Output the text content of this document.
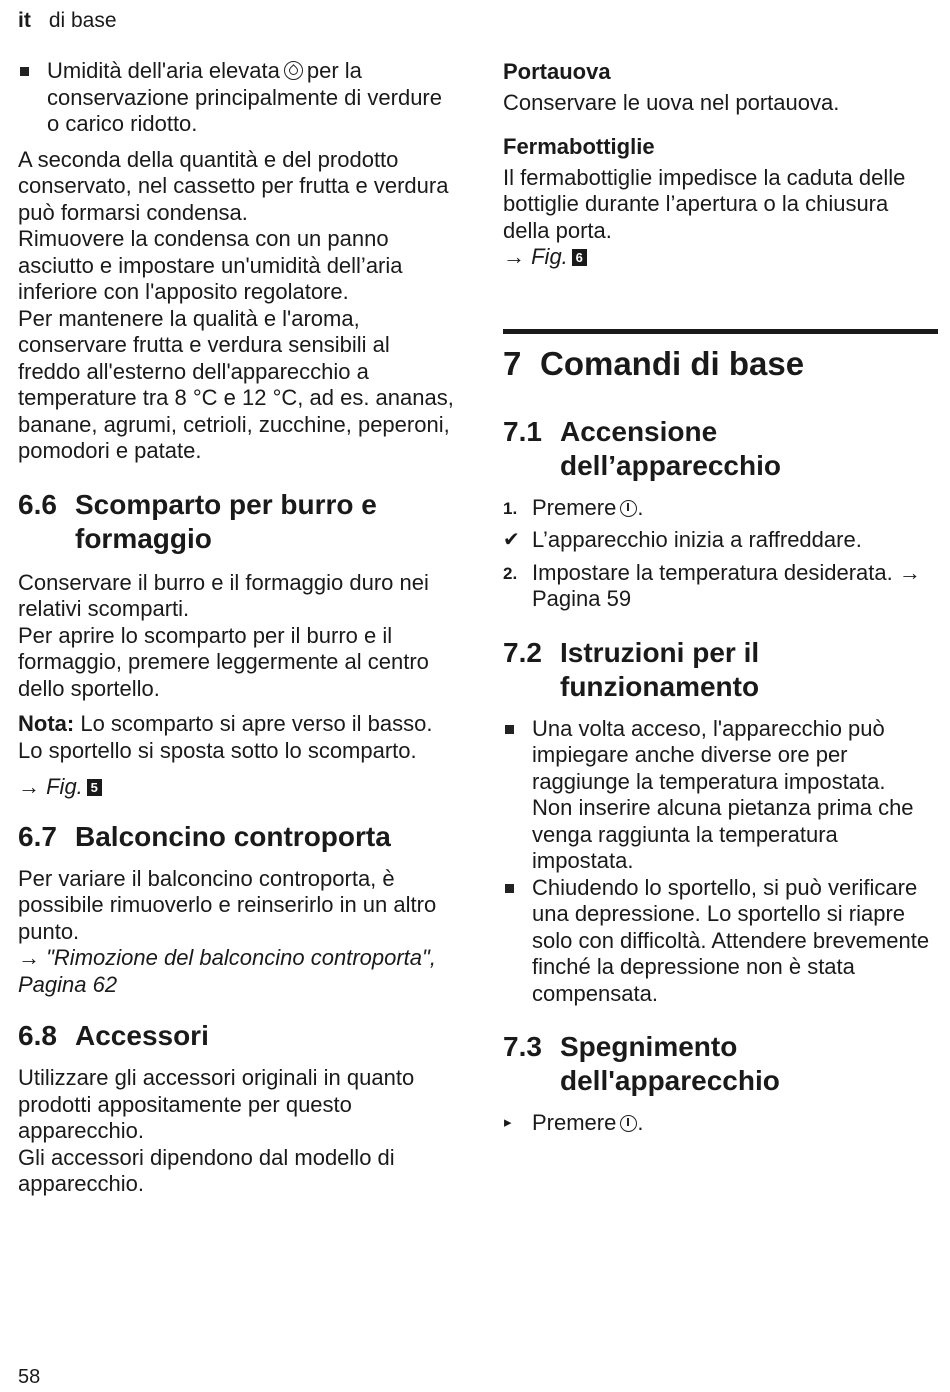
it di base
Umidità dell'aria elevata per la conservazione principalmente di verdure o carico ridotto.

A seconda della quantità e del prodotto conservato, nel cassetto per frutta e verdura può formarsi condensa.

Rimuovere la condensa con un panno asciutto e impostare un'umidità dell’aria inferiore con l'apposito regolatore.

Per mantenere la qualità e l'aroma, conservare frutta e verdura sensibili al freddo all'esterno dell'apparecchio a temperature tra 8 °C e 12 °C, ad es. ananas, banane, agrumi, cetrioli, zucchine, peperoni, pomodori e patate.

6.6 Scomparto per burro e formaggio

Conservare il burro e il formaggio duro nei relativi scomparti.

Per aprire lo scomparto per il burro e il formaggio, premere leggermente al centro dello sportello.

Nota: Lo scomparto si apre verso il basso. Lo sportello si sposta sotto lo scomparto.

→ Fig. 5

6.7 Balconcino controporta

Per variare il balconcino controporta, è possibile rimuoverlo e reinserirlo in un altro punto.

→ "Rimozione del balconcino controporta", Pagina 62

6.8 Accessori

Utilizzare gli accessori originali in quanto prodotti appositamente per questo apparecchio.

Gli accessori dipendono dal modello di apparecchio.

Portauova

Conservare le uova nel portauova.

Fermabottiglie

Il fermabottiglie impedisce la caduta delle bottiglie durante l’apertura o la chiusura della porta.

→ Fig. 6

7 Comandi di base
7.1 Accensione dell’apparecchio
1. Premere .
✔ L’apparecchio inizia a raffreddare.
2. Impostare la temperatura desiderata. → Pagina 59
7.2 Istruzioni per il funzionamento
Una volta acceso, l'apparecchio può impiegare anche diverse ore per raggiunge la temperatura impostata.
Non inserire alcuna pietanza prima che venga raggiunta la temperatura impostata.
Chiudendo lo sportello, si può verificare una depressione. Lo sportello si riapre solo con difficoltà. Attendere brevemente finché la depressione non è stata compensata.
7.3 Spegnimento dell'apparecchio
▸ Premere .
58
